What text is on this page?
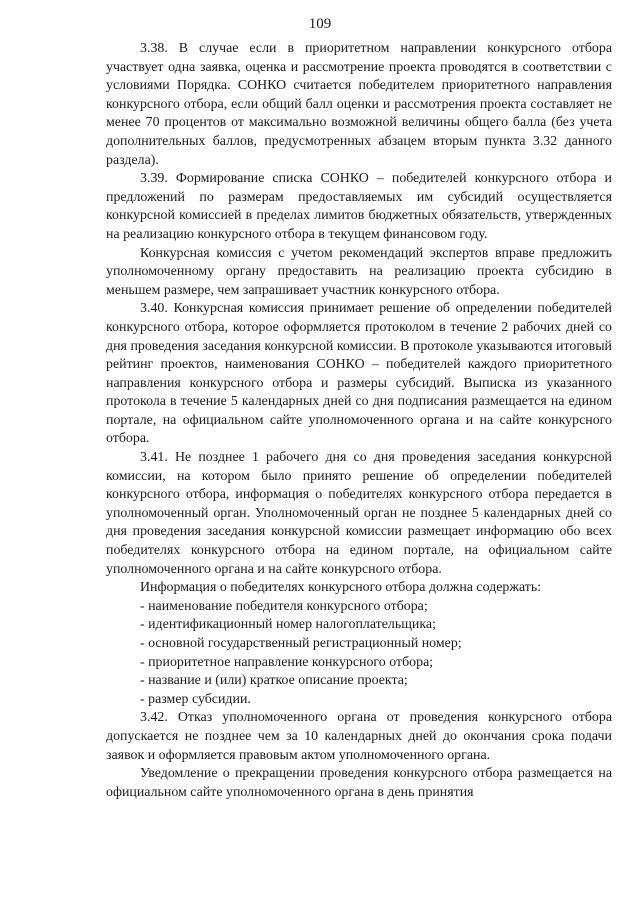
109

3.38. В случае если в приоритетном направлении конкурсного отбора участвует одна заявка, оценка и рассмотрение проекта проводятся в соответствии с условиями Порядка. СОНКО считается победителем приоритетного направления конкурсного отбора, если общий балл оценки и рассмотрения проекта составляет не менее 70 процентов от максимально возможной величины общего балла (без учета дополнительных баллов, предусмотренных абзацем вторым пункта 3.32 данного раздела).

3.39. Формирование списка СОНКО – победителей конкурсного отбора и предложений по размерам предоставляемых им субсидий осуществляется конкурсной комиссией в пределах лимитов бюджетных обязательств, утвержденных на реализацию конкурсного отбора в текущем финансовом году.

Конкурсная комиссия с учетом рекомендаций экспертов вправе предложить уполномоченному органу предоставить на реализацию проекта субсидию в меньшем размере, чем запрашивает участник конкурсного отбора.

3.40. Конкурсная комиссия принимает решение об определении победителей конкурсного отбора, которое оформляется протоколом в течение 2 рабочих дней со дня проведения заседания конкурсной комиссии. В протоколе указываются итоговый рейтинг проектов, наименования СОНКО – победителей каждого приоритетного направления конкурсного отбора и размеры субсидий. Выписка из указанного протокола в течение 5 календарных дней со дня подписания размещается на едином портале, на официальном сайте уполномоченного органа и на сайте конкурсного отбора.

3.41. Не позднее 1 рабочего дня со дня проведения заседания конкурсной комиссии, на котором было принято решение об определении победителей конкурсного отбора, информация о победителях конкурсного отбора передается в уполномоченный орган. Уполномоченный орган не позднее 5 календарных дней со дня проведения заседания конкурсной комиссии размещает информацию обо всех победителях конкурсного отбора на едином портале, на официальном сайте уполномоченного органа и на сайте конкурсного отбора.

Информация о победителях конкурсного отбора должна содержать:

- наименование победителя конкурсного отбора;

- идентификационный номер налогоплательщика;

- основной государственный регистрационный номер;

- приоритетное направление конкурсного отбора;

- название и (или) краткое описание проекта;

- размер субсидии.

3.42. Отказ уполномоченного органа от проведения конкурсного отбора допускается не позднее чем за 10 календарных дней до окончания срока подачи заявок и оформляется правовым актом уполномоченного органа.

Уведомление о прекращении проведения конкурсного отбора размещается на официальном сайте уполномоченного органа в день принятия
